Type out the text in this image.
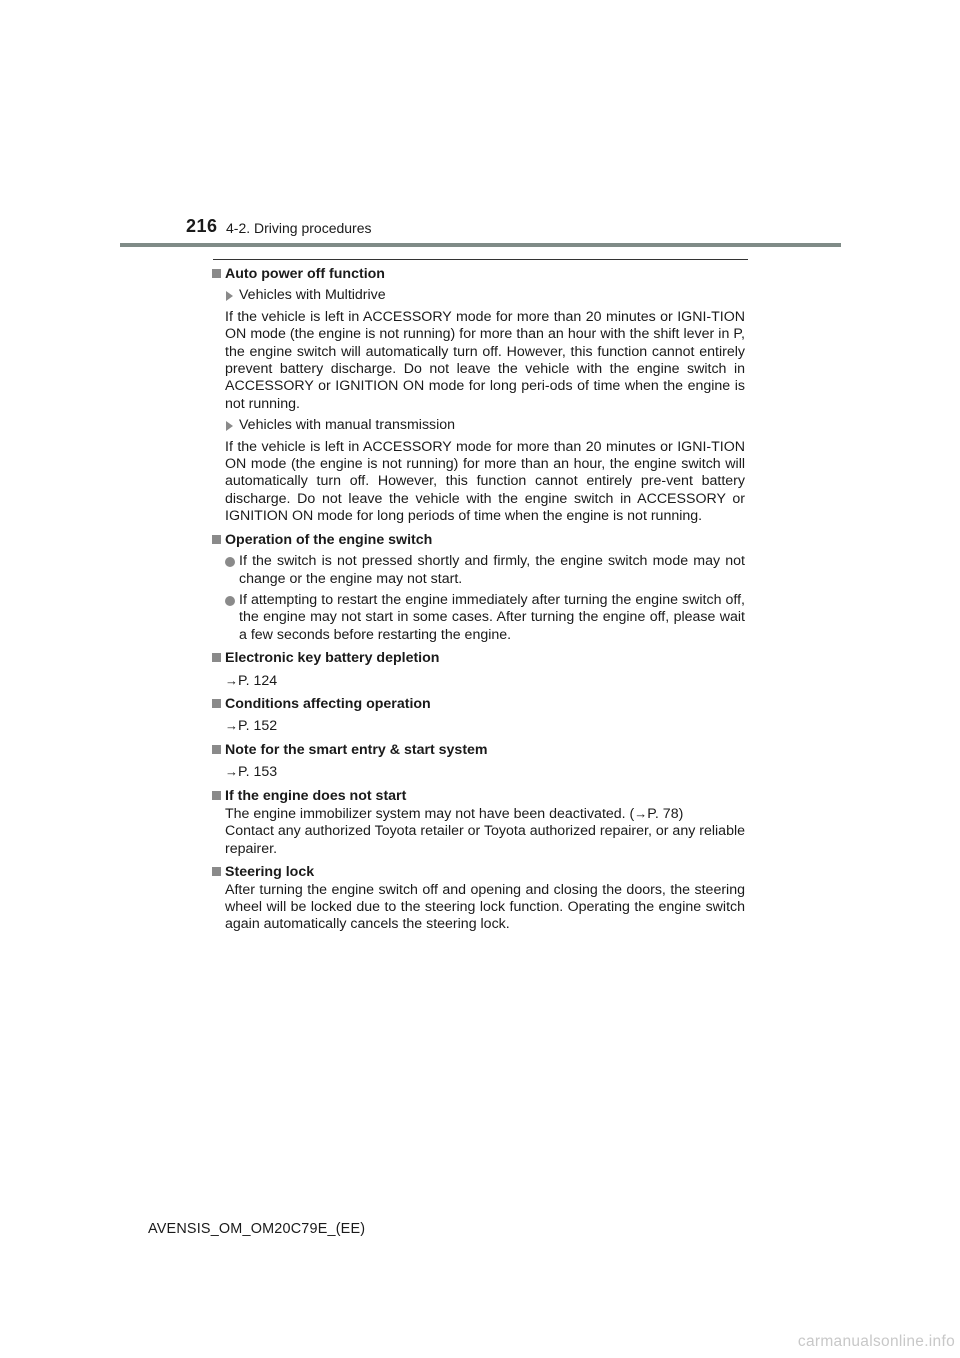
216 4-2. Driving procedures
Auto power off function
Vehicles with Multidrive
If the vehicle is left in ACCESSORY mode for more than 20 minutes or IGNI-TION ON mode (the engine is not running) for more than an hour with the shift lever in P, the engine switch will automatically turn off. However, this function cannot entirely prevent battery discharge. Do not leave the vehicle with the engine switch in ACCESSORY or IGNITION ON mode for long peri-ods of time when the engine is not running.
Vehicles with manual transmission
If the vehicle is left in ACCESSORY mode for more than 20 minutes or IGNI-TION ON mode (the engine is not running) for more than an hour, the engine switch will automatically turn off. However, this function cannot entirely pre-vent battery discharge. Do not leave the vehicle with the engine switch in ACCESSORY or IGNITION ON mode for long periods of time when the engine is not running.
Operation of the engine switch
If the switch is not pressed shortly and firmly, the engine switch mode may not change or the engine may not start.
If attempting to restart the engine immediately after turning the engine switch off, the engine may not start in some cases. After turning the engine off, please wait a few seconds before restarting the engine.
Electronic key battery depletion
→P. 124
Conditions affecting operation
→P. 152
Note for the smart entry & start system
→P. 153
If the engine does not start
The engine immobilizer system may not have been deactivated. (→P. 78)
Contact any authorized Toyota retailer or Toyota authorized repairer, or any reliable repairer.
Steering lock
After turning the engine switch off and opening and closing the doors, the steering wheel will be locked due to the steering lock function. Operating the engine switch again automatically cancels the steering lock.
AVENSIS_OM_OM20C79E_(EE)
carmanualsonline.info
